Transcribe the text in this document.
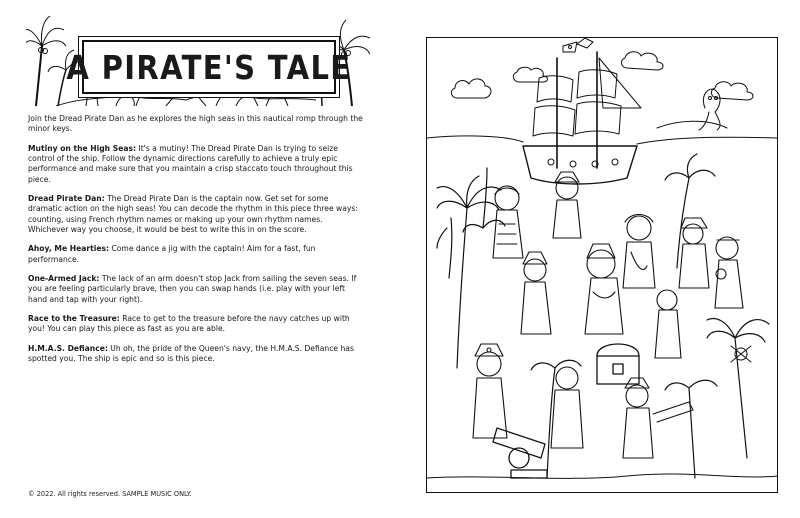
A PIRATE'S TALE

Join the Dread Pirate Dan as he explores the high seas in this nautical romp through the minor keys.

Mutiny on the High Seas: It's a mutiny! The Dread Pirate Dan is trying to seize control of the ship. Follow the dynamic directions carefully to achieve a truly epic performance and make sure that you maintain a crisp staccato touch throughout this piece.

Dread Pirate Dan: The Dread Pirate Dan is the captain now. Get set for some dramatic action on the high seas! You can decode the rhythm in this piece three ways: counting, using French rhythm names or making up your own rhythm names. Whichever way you choose, it would be best to write this in on the score.

Ahoy, Me Hearties: Come dance a jig with the captain! Aim for a fast, fun performance.

One-Armed Jack: The lack of an arm doesn't stop Jack from sailing the seven seas. If you are feeling particularly brave, then you can swap hands (i.e. play with your left hand and tap with your right).

Race to the Treasure: Race to get to the treasure before the navy catches up with you! You can play this piece as fast as you are able.

H.M.A.S. Defiance: Uh oh, the pride of the Queen's navy, the H.M.A.S. Defiance has spotted you. The ship is epic and so is this piece.

© 2022. All rights reserved. SAMPLE MUSIC ONLY.
